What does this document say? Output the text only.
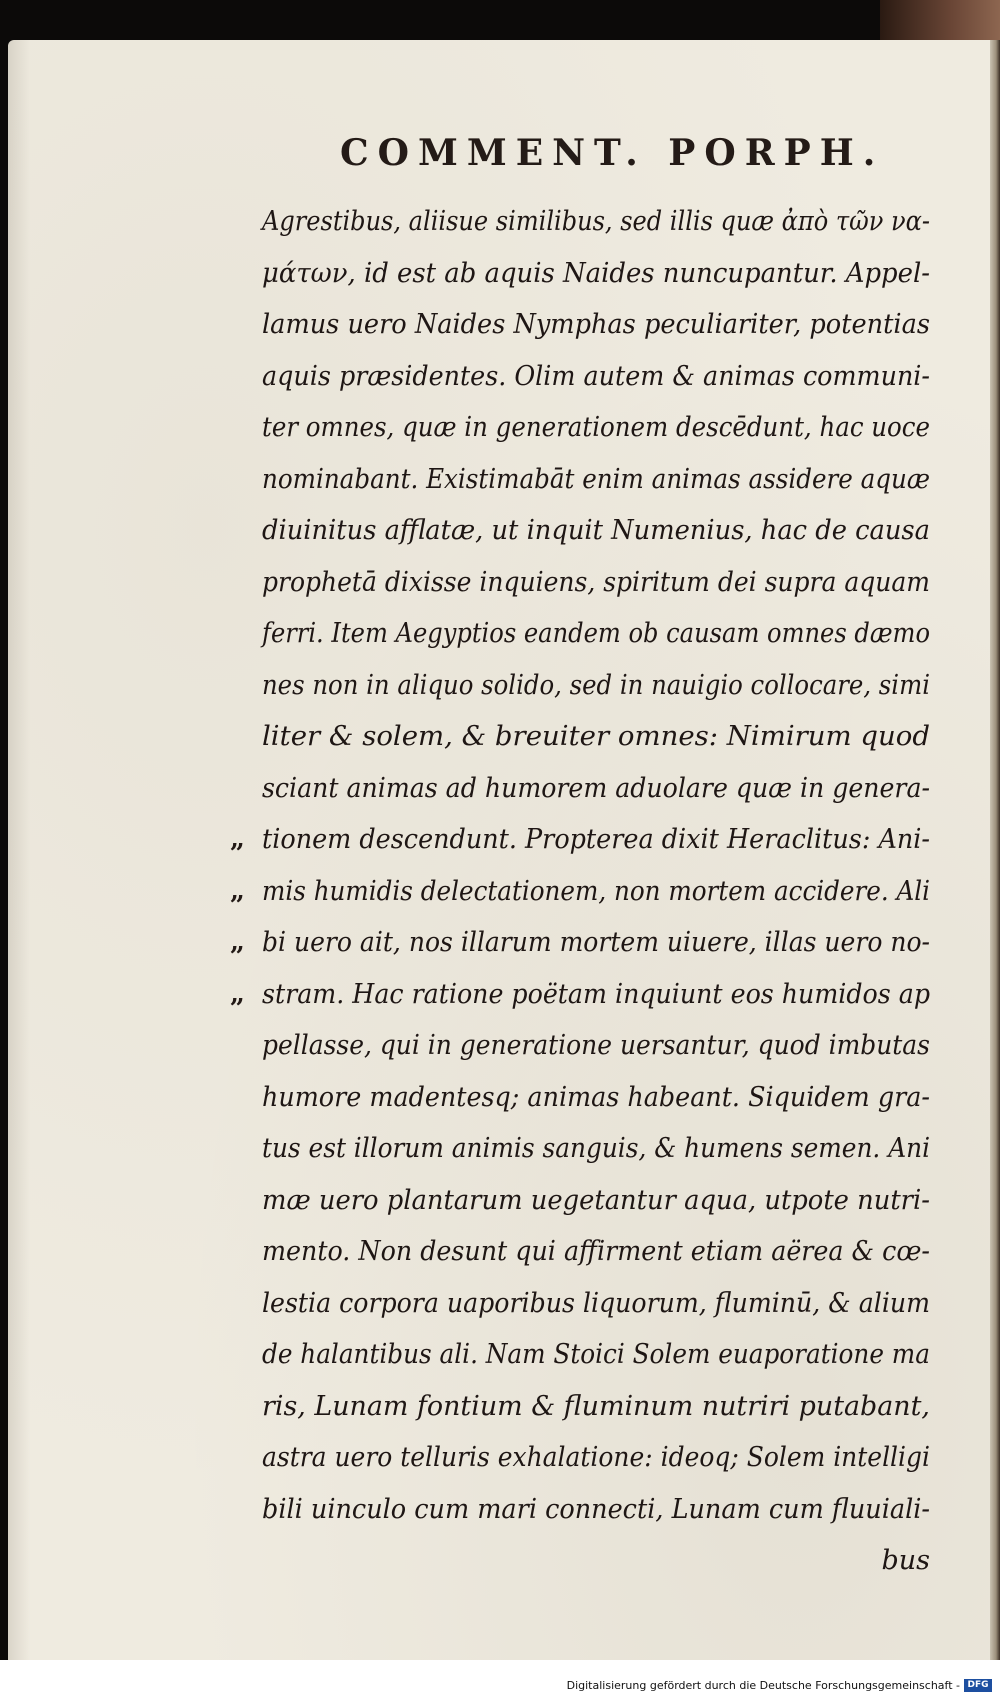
COMMENT. PORPH.
Agrestibus, aliisue similibus, sed illis quæ ἀπὸ τῶν να-
μάτων, id est ab aquis Naides nuncupantur. Appel-
lamus uero Naides Nymphas peculiariter, potentias
aquis præsidentes. Olim autem & animas communi-
ter omnes, quæ in generationem descēdunt, hac uoce
nominabant. Existimabāt enim animas assidere aquæ
diuinitus afflatæ, ut inquit Numenius, hac de causa
prophetā dixisse inquiens, spiritum dei supra aquam
ferri. Item Aegyptios eandem ob causam omnes dæmo
nes non in aliquo solido, sed in nauigio collocare, simi
liter & solem, & breuiter omnes: Nimirum quod
sciant animas ad humorem aduolare quæ in genera-
„ tionem descendunt. Propterea dixit Heraclitus: Ani-
„ mis humidis delectationem, non mortem accidere. Ali
„ bi uero ait, nos illarum mortem uiuere, illas uero no-
„ stram. Hac ratione poëtam inquiunt eos humidos ap
pellasse, qui in generatione uersantur, quod imbutas
humore madentesq; animas habeant. Siquidem gra-
tus est illorum animis sanguis, & humens semen. Ani
mæ uero plantarum uegetantur aqua, utpote nutri-
mento. Non desunt qui affirment etiam aërea & cœ-
lestia corpora uaporibus liquorum, fluminū, & alium
de halantibus ali. Nam Stoici Solem euaporatione ma
ris, Lunam fontium & fluminum nutriri putabant,
astra uero telluris exhalatione: ideoq; Solem intelligi
bili uinculo cum mari connecti, Lunam cum fluuiali-
bus
Digitalisierung gefördert durch die Deutsche Forschungsgemeinschaft - DFG
